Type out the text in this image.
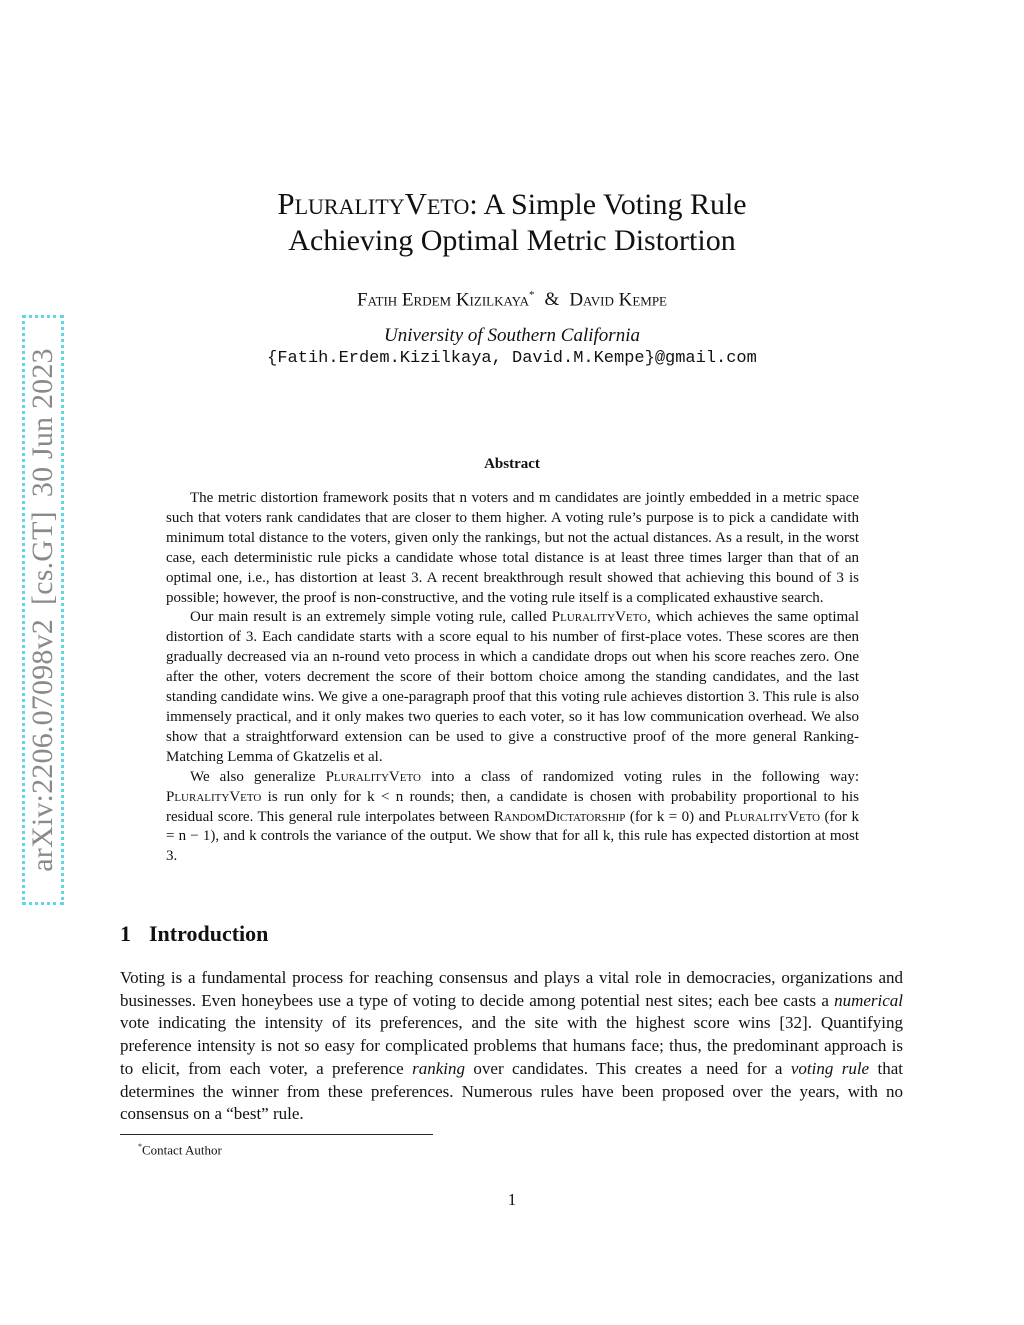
arXiv:2206.07098v2[cs.GT]30 Jun 2023
PluralityVeto: A Simple Voting Rule
Achieving Optimal Metric Distortion
Fatih Erdem Kizilkaya* & David Kempe
University of Southern California
{Fatih.Erdem.Kizilkaya, David.M.Kempe}@gmail.com
Abstract

The metric distortion framework posits that n voters and m candidates are jointly embedded in a metric space such that voters rank candidates that are closer to them higher. A voting rule’s purpose is to pick a candidate with minimum total distance to the voters, given only the rankings, but not the actual distances. As a result, in the worst case, each deterministic rule picks a candidate whose total distance is at least three times larger than that of an optimal one, i.e., has distortion at least 3. A recent breakthrough result showed that achieving this bound of 3 is possible; however, the proof is non-constructive, and the voting rule itself is a complicated exhaustive search.

Our main result is an extremely simple voting rule, called PluralityVeto, which achieves the same optimal distortion of 3. Each candidate starts with a score equal to his number of first-place votes. These scores are then gradually decreased via an n-round veto process in which a candidate drops out when his score reaches zero. One after the other, voters decrement the score of their bottom choice among the standing candidates, and the last standing candidate wins. We give a one-paragraph proof that this voting rule achieves distortion 3. This rule is also immensely practical, and it only makes two queries to each voter, so it has low communication overhead. We also show that a straightforward extension can be used to give a constructive proof of the more general Ranking-Matching Lemma of Gkatzelis et al.

We also generalize PluralityVeto into a class of randomized voting rules in the following way: PluralityVeto is run only for k < n rounds; then, a candidate is chosen with probability proportional to his residual score. This general rule interpolates between RandomDictatorship (for k = 0) and PluralityVeto (for k = n − 1), and k controls the variance of the output. We show that for all k, this rule has expected distortion at most 3.

1 Introduction

Voting is a fundamental process for reaching consensus and plays a vital role in democracies, organizations and businesses. Even honeybees use a type of voting to decide among potential nest sites; each bee casts a numerical vote indicating the intensity of its preferences, and the site with the highest score wins [32]. Quantifying preference intensity is not so easy for complicated problems that humans face; thus, the predominant approach is to elicit, from each voter, a preference ranking over candidates. This creates a need for a voting rule that determines the winner from these preferences. Numerous rules have been proposed over the years, with no consensus on a “best” rule.

*Contact Author
1
